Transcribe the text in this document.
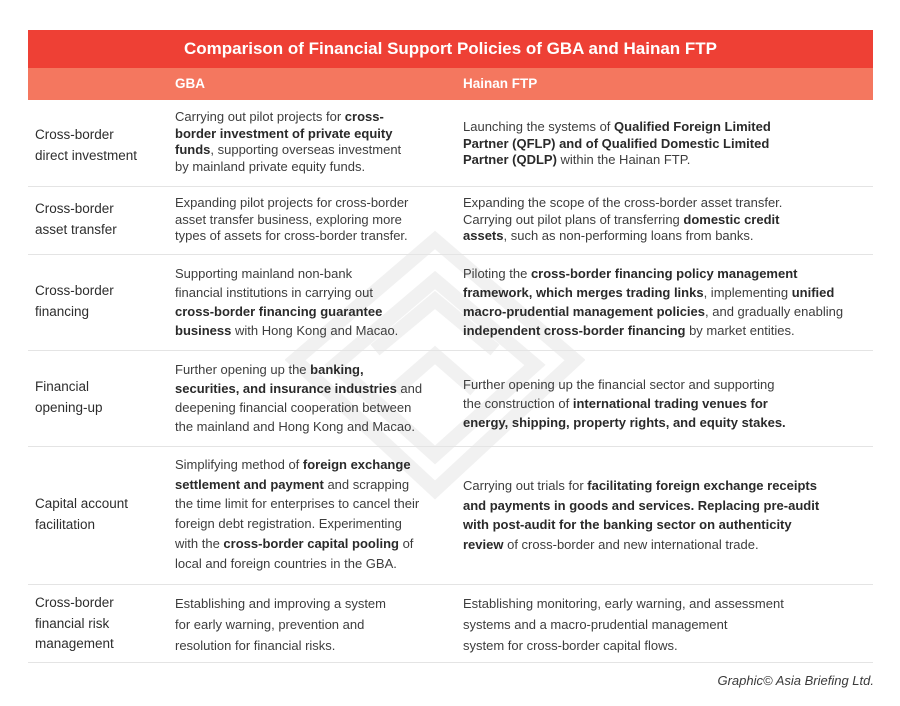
Comparison of Financial Support Policies of GBA and Hainan FTP
GBA	Hainan FTP
Cross-border
direct investment
Carrying out pilot projects for cross-
border investment of private equity
funds, supporting overseas investment
by mainland private equity funds.
Launching the systems of Qualified Foreign Limited
Partner (QFLP) and of Qualified Domestic Limited
Partner (QDLP) within the Hainan FTP.
Cross-border
asset transfer
Expanding pilot projects for cross-border
asset transfer business, exploring more
types of assets for cross-border transfer.
Expanding the scope of the cross-border asset transfer.
Carrying out pilot plans of transferring domestic credit
assets, such as non-performing loans from banks.
Cross-border
financing
Supporting mainland non-bank
financial institutions in carrying out
cross-border financing guarantee
business with Hong Kong and Macao.
Piloting the cross-border financing policy management
framework, which merges trading links, implementing unified
macro-prudential management policies, and gradually enabling
independent cross-border financing by market entities.
Financial
opening-up
Further opening up the banking,
securities, and insurance industries and
deepening financial cooperation between
the mainland and Hong Kong and Macao.
Further opening up the financial sector and supporting
the construction of international trading venues for
energy, shipping, property rights, and equity stakes.
Capital account
facilitation
Simplifying method of foreign exchange
settlement and payment and scrapping
the time limit for enterprises to cancel their
foreign debt registration. Experimenting
with the cross-border capital pooling of
local and foreign countries in the GBA.
Carrying out trials for facilitating foreign exchange receipts
and payments in goods and services. Replacing pre-audit
with post-audit for the banking sector on authenticity
review of cross-border and new international trade.
Cross-border
financial risk
management
Establishing and improving a system
for early warning, prevention and
resolution for financial risks.
Establishing monitoring, early warning, and assessment
systems and a macro-prudential management
system for cross-border capital flows.
Graphic© Asia Briefing Ltd.
